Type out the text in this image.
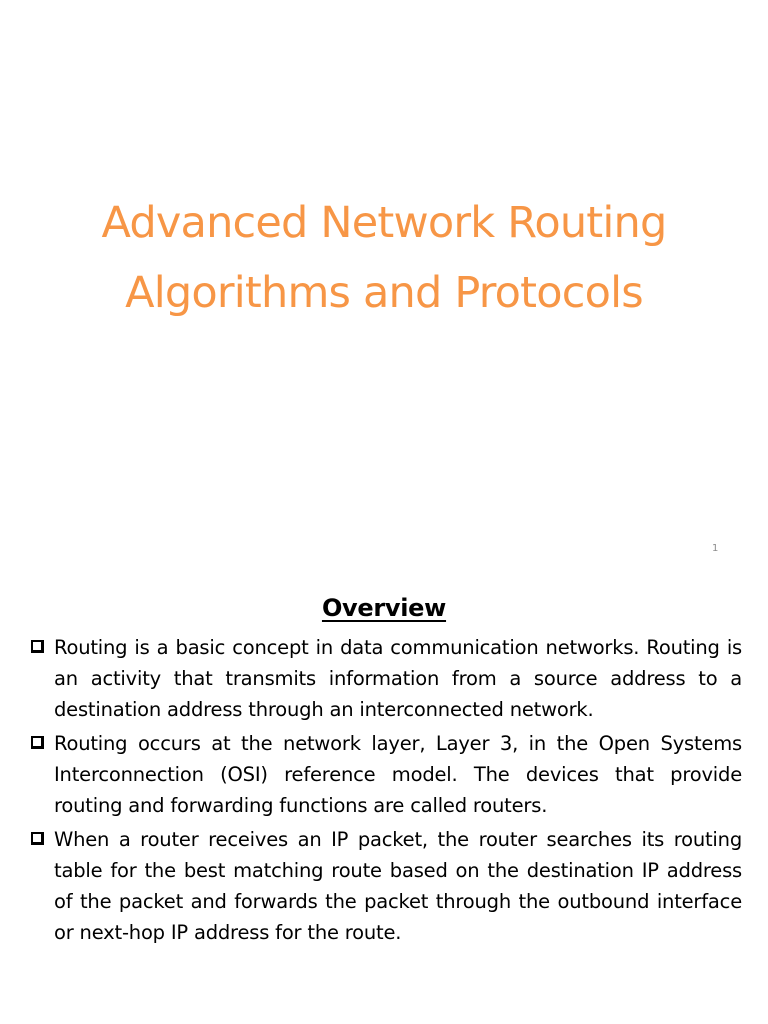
Advanced Network Routing
Algorithms and Protocols
1
Overview
Routing is a basic concept in data communication networks. Routing is an activity that transmits information from a source address to a destination address through an interconnected network.
Routing occurs at the network layer, Layer 3, in the Open Systems Interconnection (OSI) reference model. The devices that provide routing and forwarding functions are called routers.
When a router receives an IP packet, the router searches its routing table for the best matching route based on the destination IP address of the packet and forwards the packet through the outbound interface or next-hop IP address for the route.
